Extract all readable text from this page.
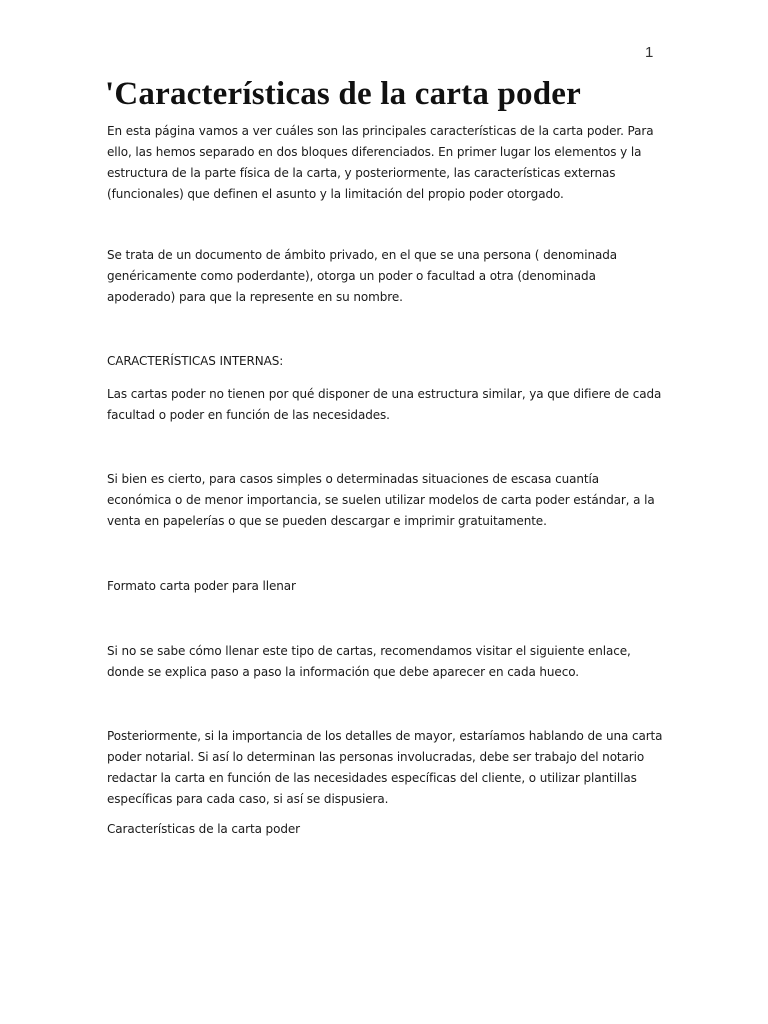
1
'Características de la carta poder

En esta página vamos a ver cuáles son las principales características de la carta poder. Para ello, las hemos separado en dos bloques diferenciados. En primer lugar los elementos y la estructura de la parte física de la carta, y posteriormente, las características externas (funcionales) que definen el asunto y la limitación del propio poder otorgado.

Se trata de un documento de ámbito privado, en el que se una persona ( denominada genéricamente como poderdante), otorga un poder o facultad a otra (denominada apoderado) para que la represente en su nombre.

CARACTERÍSTICAS INTERNAS:

Las cartas poder no tienen por qué disponer de una estructura similar, ya que difiere de cada facultad o poder en función de las necesidades.

Si bien es cierto, para casos simples o determinadas situaciones de escasa cuantía económica o de menor importancia, se suelen utilizar modelos de carta poder estándar, a la venta en papelerías o que se pueden descargar e imprimir gratuitamente.

Formato carta poder para llenar

Si no se sabe cómo llenar este tipo de cartas, recomendamos visitar el siguiente enlace, donde se explica paso a paso la información que debe aparecer en cada hueco.

Posteriormente, si la importancia de los detalles de mayor, estaríamos hablando de una carta poder notarial. Si así lo determinan las personas involucradas, debe ser trabajo del notario redactar la carta en función de las necesidades específicas del cliente, o utilizar plantillas específicas para cada caso, si así se dispusiera.

Características de la carta poder
